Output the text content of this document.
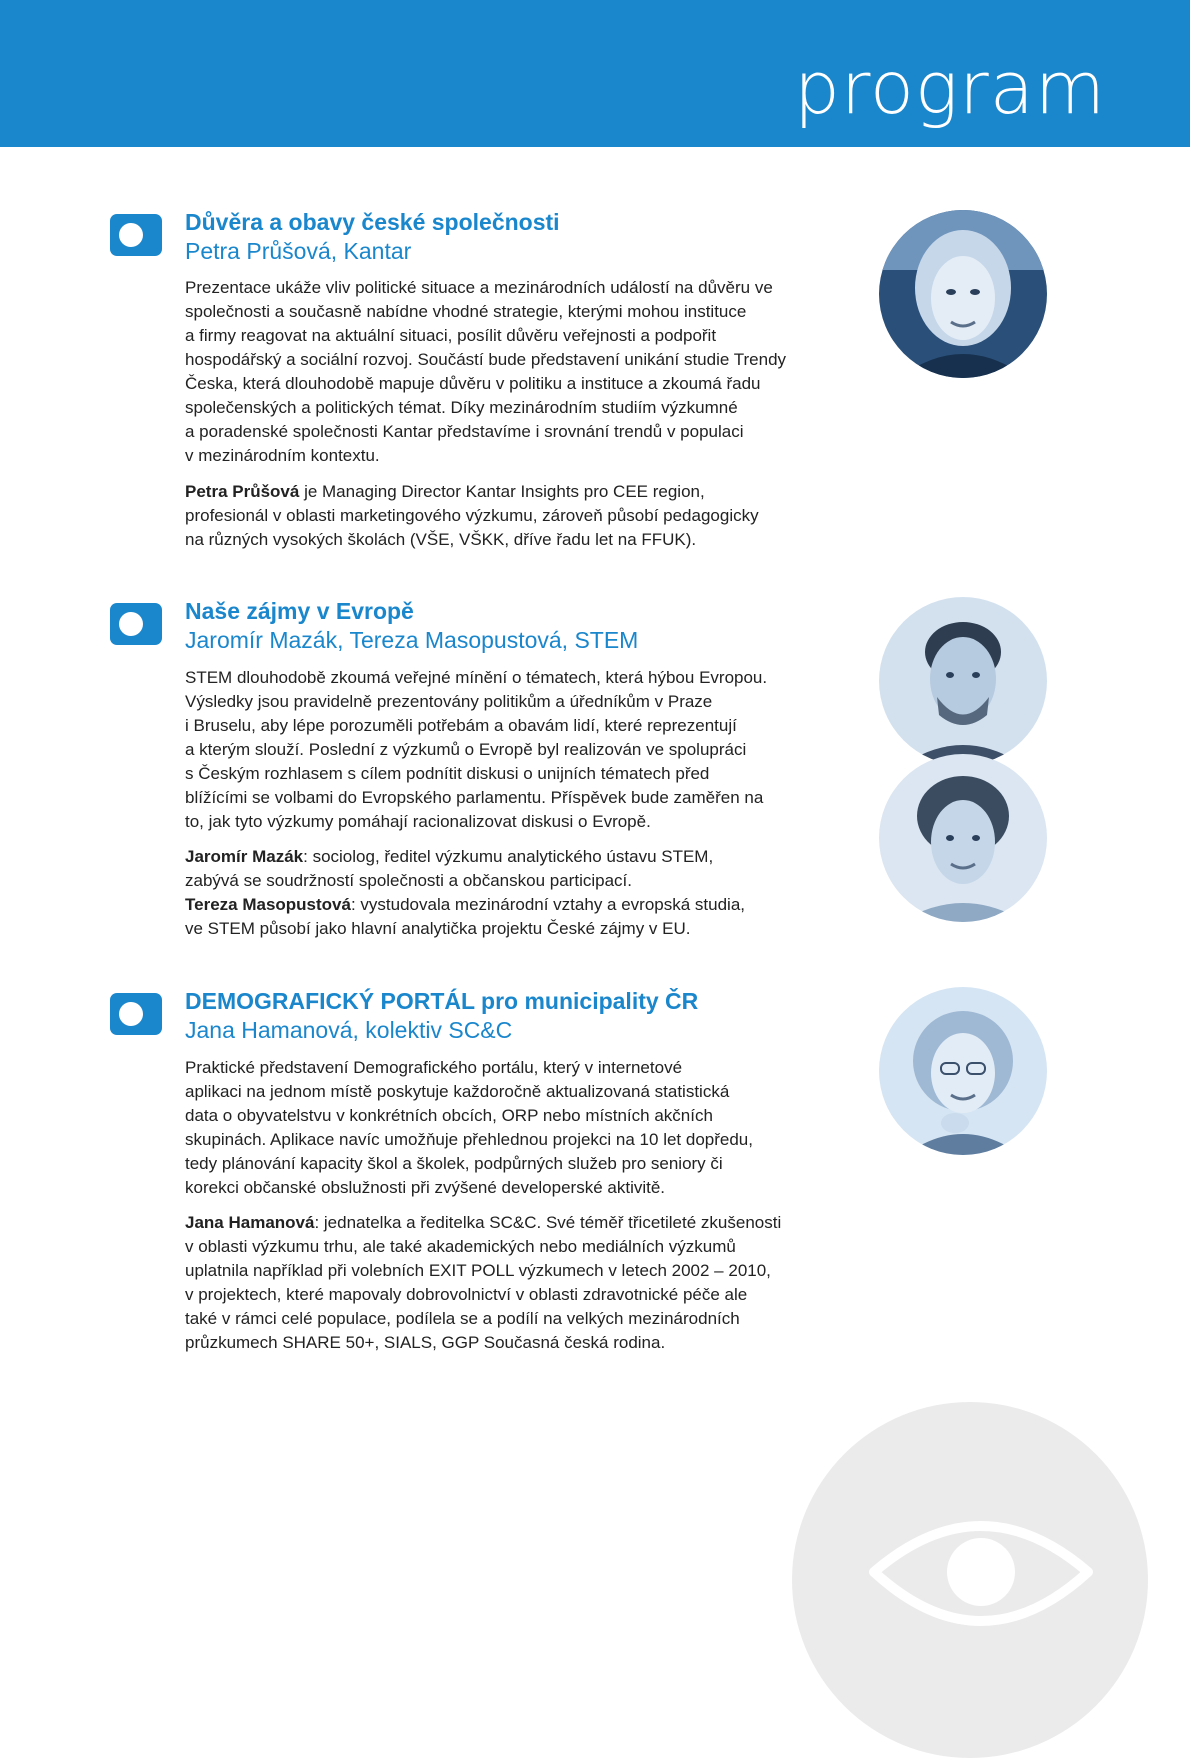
program
Důvěra a obavy české společnosti
Petra Průšová, Kantar
Prezentace ukáže vliv politické situace a mezinárodních událostí na důvěru ve
společnosti a současně nabídne vhodné strategie, kterými mohou instituce
a firmy reagovat na aktuální situaci, posílit důvěru veřejnosti a podpořit
hospodářský a sociální rozvoj. Součástí bude představení unikání studie Trendy
Česka, která dlouhodobě mapuje důvěru v politiku a instituce a zkoumá řadu
společenských a politických témat. Díky mezinárodním studiím výzkumné
a poradenské společnosti Kantar představíme i srovnání trendů v populaci
v mezinárodním kontextu.
Petra Průšová je Managing Director Kantar Insights pro CEE region,
profesionál v oblasti marketingového výzkumu, zároveň působí pedagogicky
na různých vysokých školách (VŠE, VŠKK, dříve řadu let na FFUK).
Naše zájmy v Evropě
Jaromír Mazák, Tereza Masopustová, STEM
STEM dlouhodobě zkoumá veřejné mínění o tématech, která hýbou Evropou.
Výsledky jsou pravidelně prezentovány politikům a úředníkům v Praze
i Bruselu, aby lépe porozuměli potřebám a obavám lidí, které reprezentují
a kterým slouží. Poslední z výzkumů o Evropě byl realizován ve spolupráci
s Českým rozhlasem s cílem podnítit diskusi o unijních tématech před
blížícími se volbami do Evropského parlamentu. Příspěvek bude zaměřen na
to, jak tyto výzkumy pomáhají racionalizovat diskusi o Evropě.
Jaromír Mazák: sociolog, ředitel výzkumu analytického ústavu STEM,
zabývá se soudržností společnosti a občanskou participací.
Tereza Masopustová: vystudovala mezinárodní vztahy a evropská studia,
ve STEM působí jako hlavní analytička projektu České zájmy v EU.
DEMOGRAFICKÝ PORTÁL pro municipality ČR
Jana Hamanová, kolektiv SC&C
Praktické představení Demografického portálu, který v internetové
aplikaci na jednom místě poskytuje každoročně aktualizovaná statistická
data o obyvatelstvu v konkrétních obcích, ORP nebo místních akčních
skupinách. Aplikace navíc umožňuje přehlednou projekci na 10 let dopředu,
tedy plánování kapacity škol a školek, podpůrných služeb pro seniory či
korekci občanské obslužnosti při zvýšené developerské aktivitě.
Jana Hamanová: jednatelka a ředitelka SC&C. Své téměř třicetileté zkušenosti
v oblasti výzkumu trhu, ale také akademických nebo mediálních výzkumů
uplatnila například při volebních EXIT POLL výzkumech v letech 2002 – 2010,
v projektech, které mapovaly dobrovolnictví v oblasti zdravotnické péče ale
také v rámci celé populace, podílela se a podílí na velkých mezinárodních
průzkumech SHARE 50+, SIALS, GGP Současná česká rodina.
